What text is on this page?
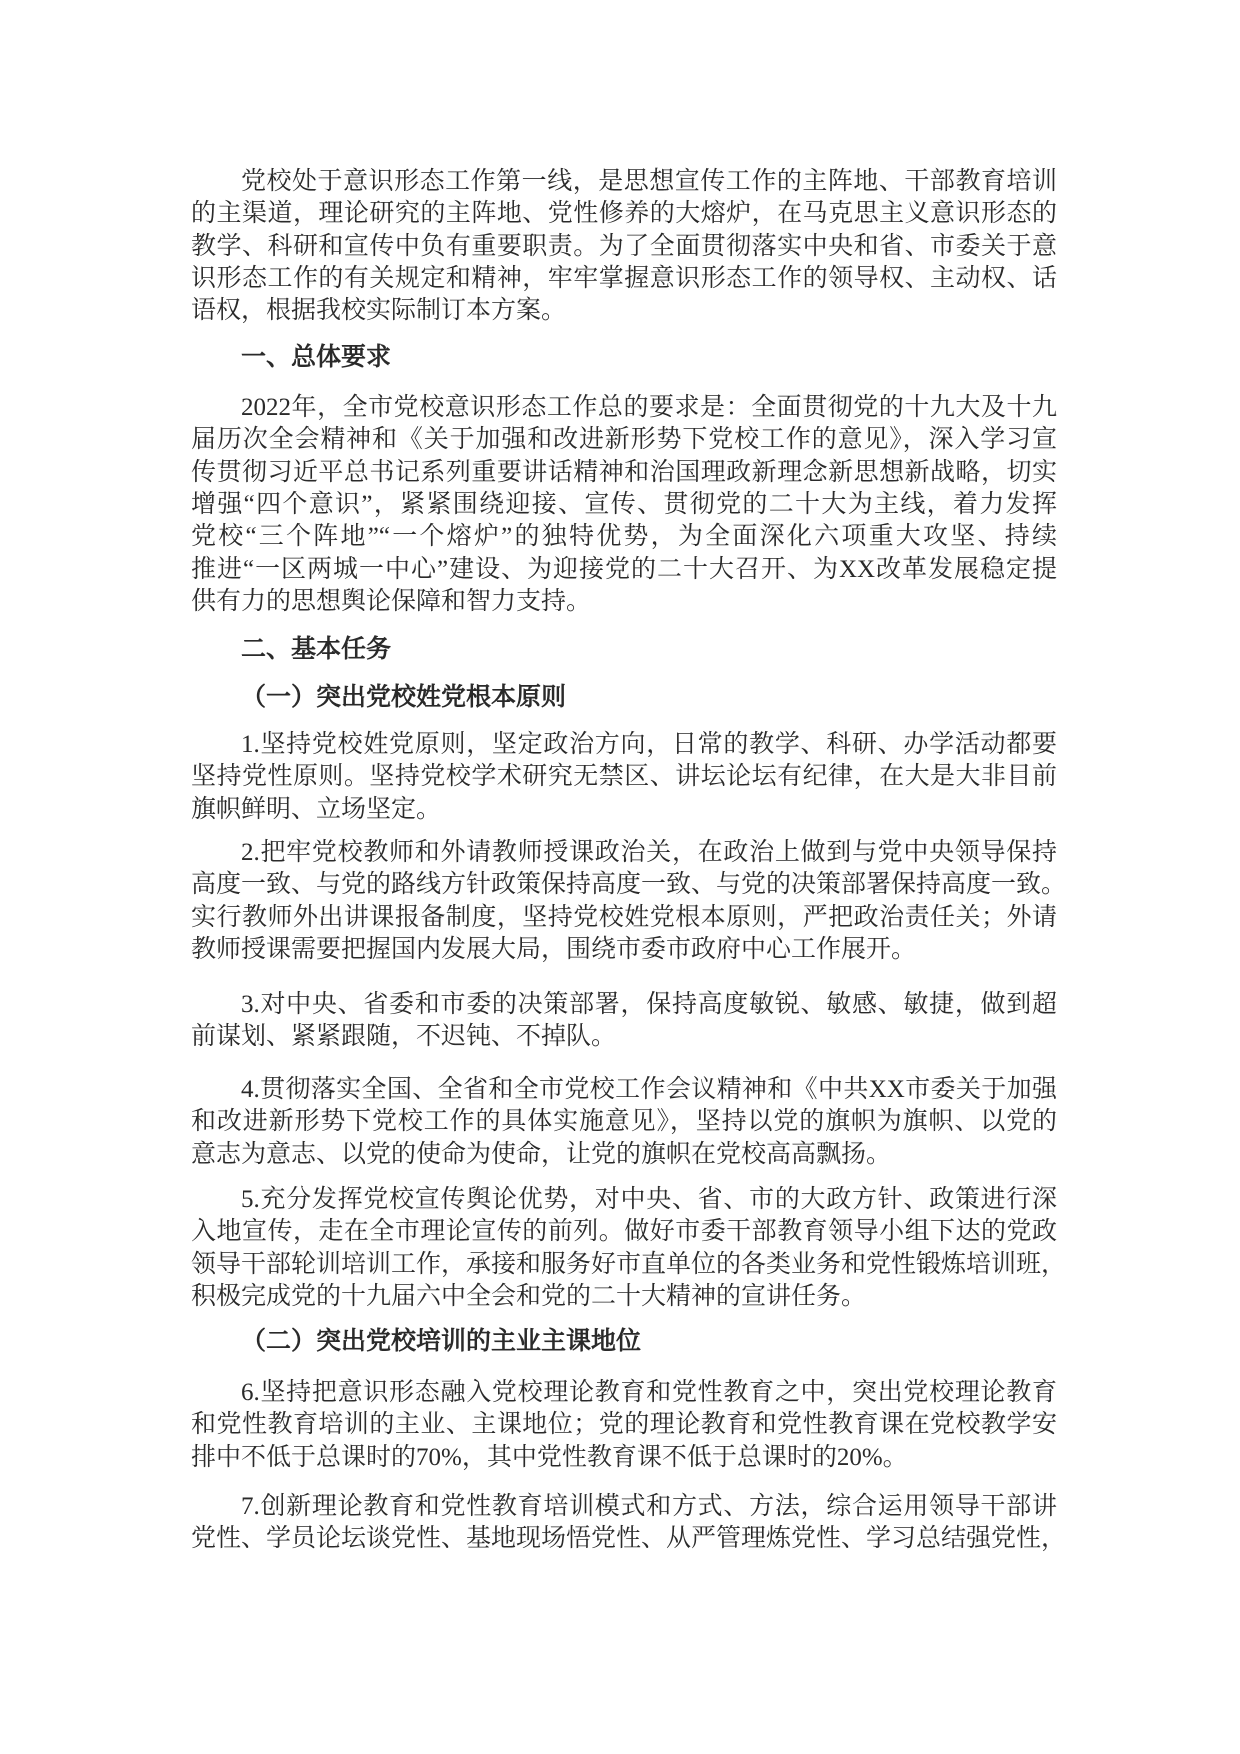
党校处于意识形态工作第一线，是思想宣传工作的主阵地、干部教育培训
的主渠道，理论研究的主阵地、党性修养的大熔炉，在马克思主义意识形态的
教学、科研和宣传中负有重要职责。为了全面贯彻落实中央和省、市委关于意
识形态工作的有关规定和精神，牢牢掌握意识形态工作的领导权、主动权、话
语权，根据我校实际制订本方案。
一、总体要求
2022年，全市党校意识形态工作总的要求是：全面贯彻党的十九大及十九
届历次全会精神和《关于加强和改进新形势下党校工作的意见》，深入学习宣
传贯彻习近平总书记系列重要讲话精神和治国理政新理念新思想新战略，切实
增强“四个意识”，紧紧围绕迎接、宣传、贯彻党的二十大为主线，着力发挥
党校“三个阵地”“一个熔炉”的独特优势，为全面深化六项重大攻坚、持续
推进“一区两城一中心”建设、为迎接党的二十大召开、为XX改革发展稳定提
供有力的思想舆论保障和智力支持。
二、基本任务
（一）突出党校姓党根本原则
1.坚持党校姓党原则，坚定政治方向，日常的教学、科研、办学活动都要
坚持党性原则。坚持党校学术研究无禁区、讲坛论坛有纪律，在大是大非目前
旗帜鲜明、立场坚定。
2.把牢党校教师和外请教师授课政治关，在政治上做到与党中央领导保持
高度一致、与党的路线方针政策保持高度一致、与党的决策部署保持高度一致。
实行教师外出讲课报备制度，坚持党校姓党根本原则，严把政治责任关；外请
教师授课需要把握国内发展大局，围绕市委市政府中心工作展开。
3.对中央、省委和市委的决策部署，保持高度敏锐、敏感、敏捷，做到超
前谋划、紧紧跟随，不迟钝、不掉队。
4.贯彻落实全国、全省和全市党校工作会议精神和《中共XX市委关于加强
和改进新形势下党校工作的具体实施意见》，坚持以党的旗帜为旗帜、以党的
意志为意志、以党的使命为使命，让党的旗帜在党校高高飘扬。
5.充分发挥党校宣传舆论优势，对中央、省、市的大政方针、政策进行深
入地宣传，走在全市理论宣传的前列。做好市委干部教育领导小组下达的党政
领导干部轮训培训工作，承接和服务好市直单位的各类业务和党性锻炼培训班，
积极完成党的十九届六中全会和党的二十大精神的宣讲任务。
（二）突出党校培训的主业主课地位
6.坚持把意识形态融入党校理论教育和党性教育之中，突出党校理论教育
和党性教育培训的主业、主课地位；党的理论教育和党性教育课在党校教学安
排中不低于总课时的70%，其中党性教育课不低于总课时的20%。
7.创新理论教育和党性教育培训模式和方式、方法，综合运用领导干部讲
党性、学员论坛谈党性、基地现场悟党性、从严管理炼党性、学习总结强党性，
